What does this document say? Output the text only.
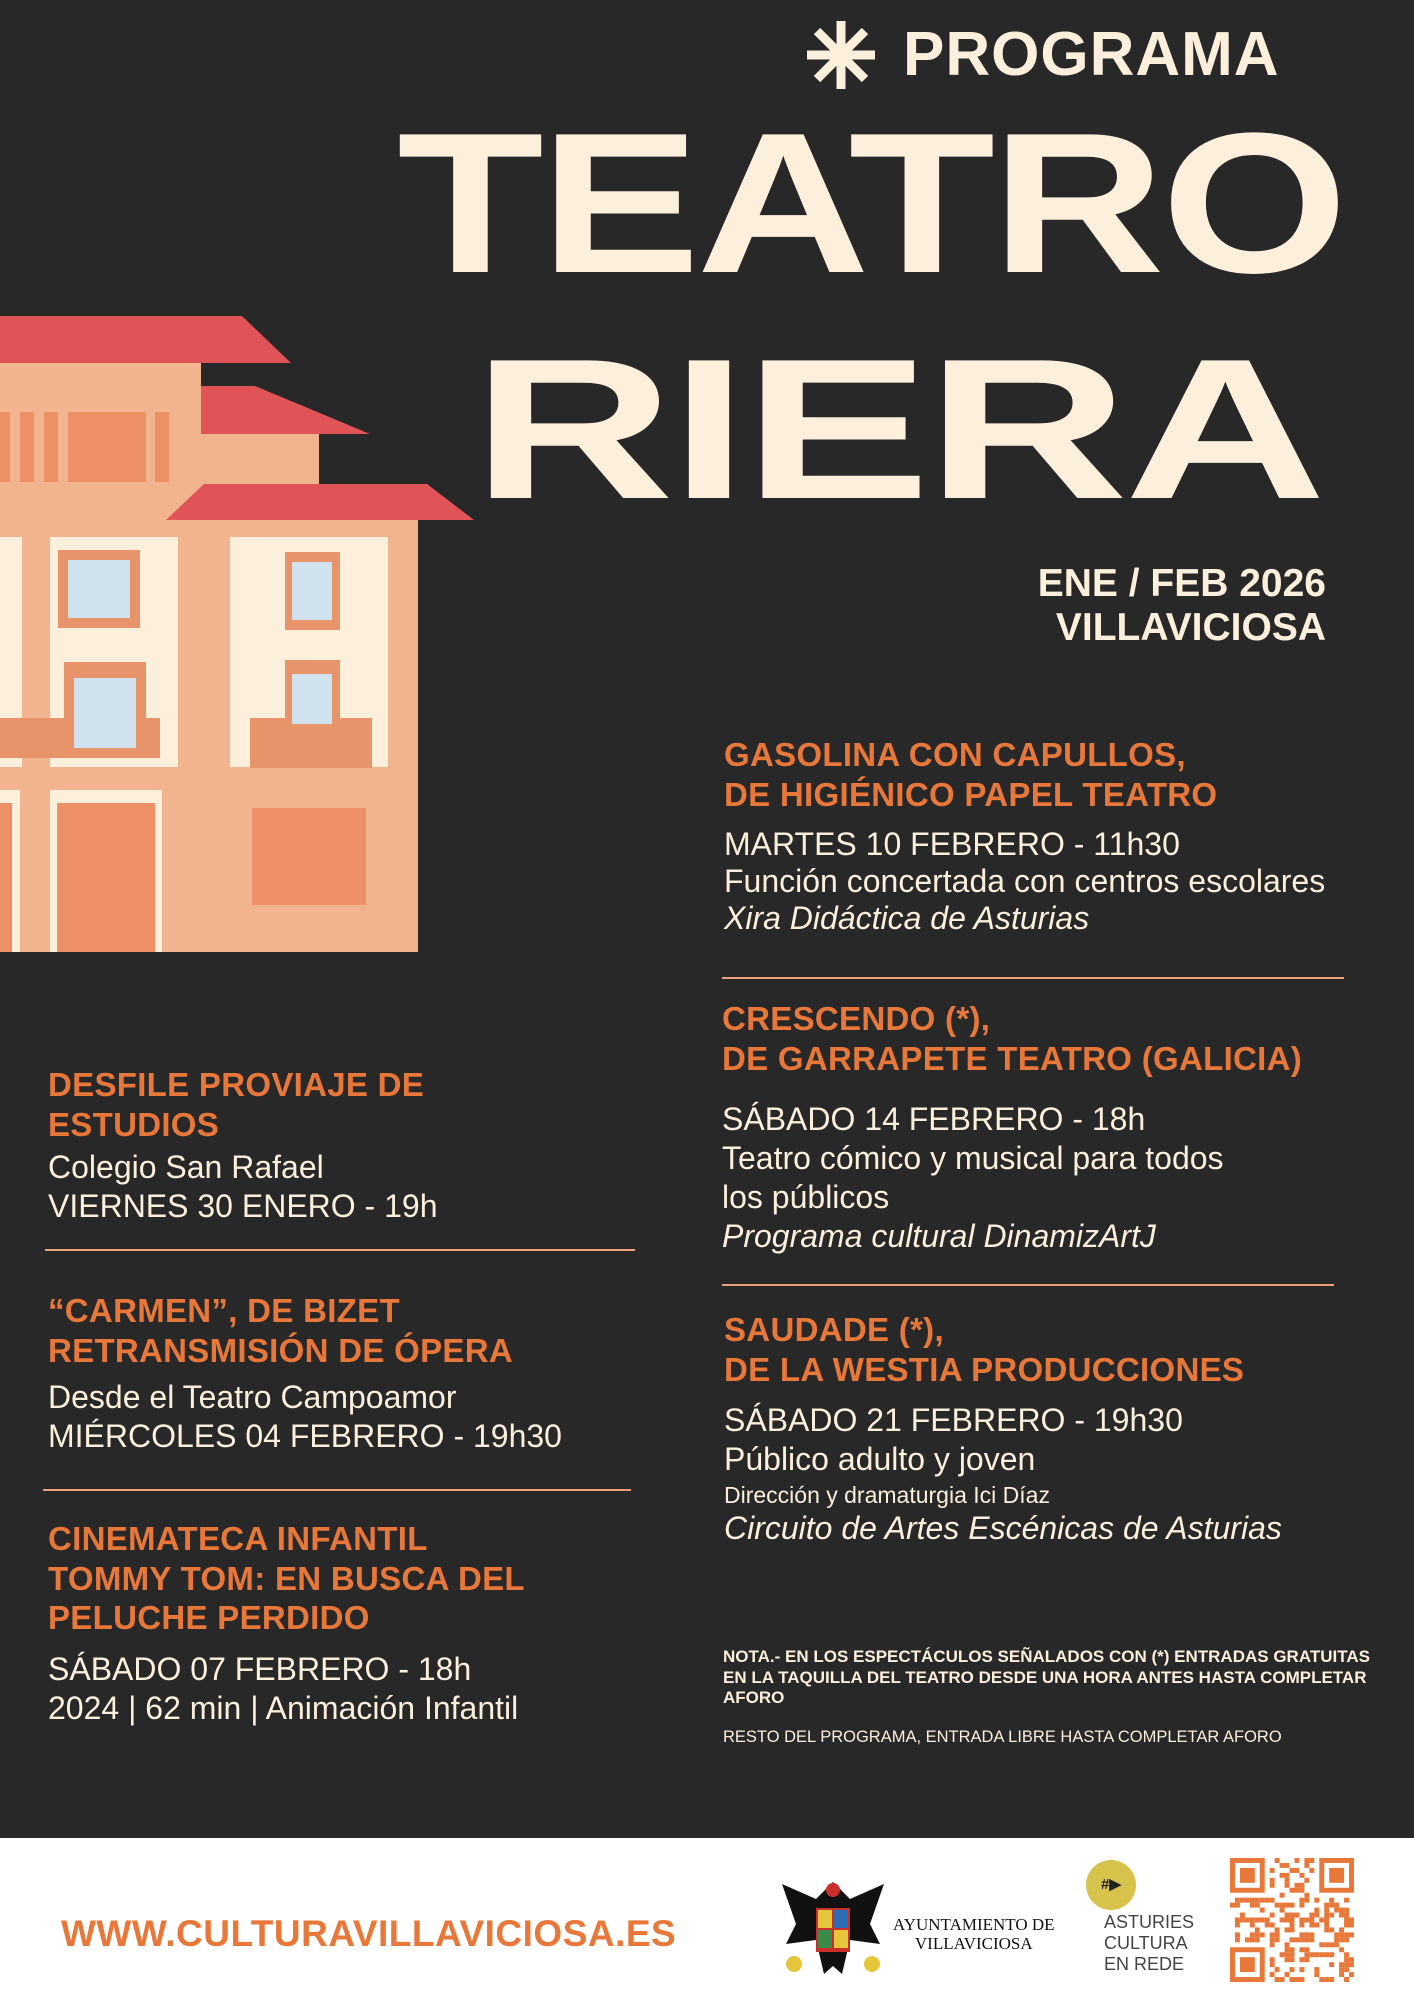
PROGRAMA
TEATRO
RIERA
ENE / FEB 2026
VILLAVICIOSA
DESFILE PROVIAJE DE
ESTUDIOS
Colegio San Rafael
VIERNES 30 ENERO - 19h
“CARMEN”, DE BIZET
RETRANSMISIÓN DE ÓPERA
Desde el Teatro Campoamor
MIÉRCOLES 04 FEBRERO - 19h30
CINEMATECA INFANTIL
TOMMY TOM: EN BUSCA DEL
PELUCHE PERDIDO
SÁBADO 07 FEBRERO - 18h
2024 | 62 min | Animación Infantil
GASOLINA CON CAPULLOS,
DE HIGIÉNICO PAPEL TEATRO
MARTES 10 FEBRERO - 11h30
Función concertada con centros escolares
Xira Didáctica de Asturias
CRESCENDO (*),
DE GARRAPETE TEATRO (GALICIA)
SÁBADO 14 FEBRERO - 18h
Teatro cómico y musical para todos
los públicos
Programa cultural DinamizArtJ
SAUDADE (*),
DE LA WESTIA PRODUCCIONES
SÁBADO 21 FEBRERO - 19h30
Público adulto y joven
Dirección y dramaturgia Ici Díaz
Circuito de Artes Escénicas de Asturias
NOTA.- EN LOS ESPECTÁCULOS SEÑALADOS CON (*) ENTRADAS GRATUITAS EN LA TAQUILLA DEL TEATRO DESDE UNA HORA ANTES HASTA COMPLETAR AFORO
RESTO DEL PROGRAMA, ENTRADA LIBRE HASTA COMPLETAR AFORO
WWW.CULTURAVILLAVICIOSA.ES	AYUNTAMIENTO DE
VILLAVICIOSA
#▶
ASTURIES
CULTURA
EN REDE
